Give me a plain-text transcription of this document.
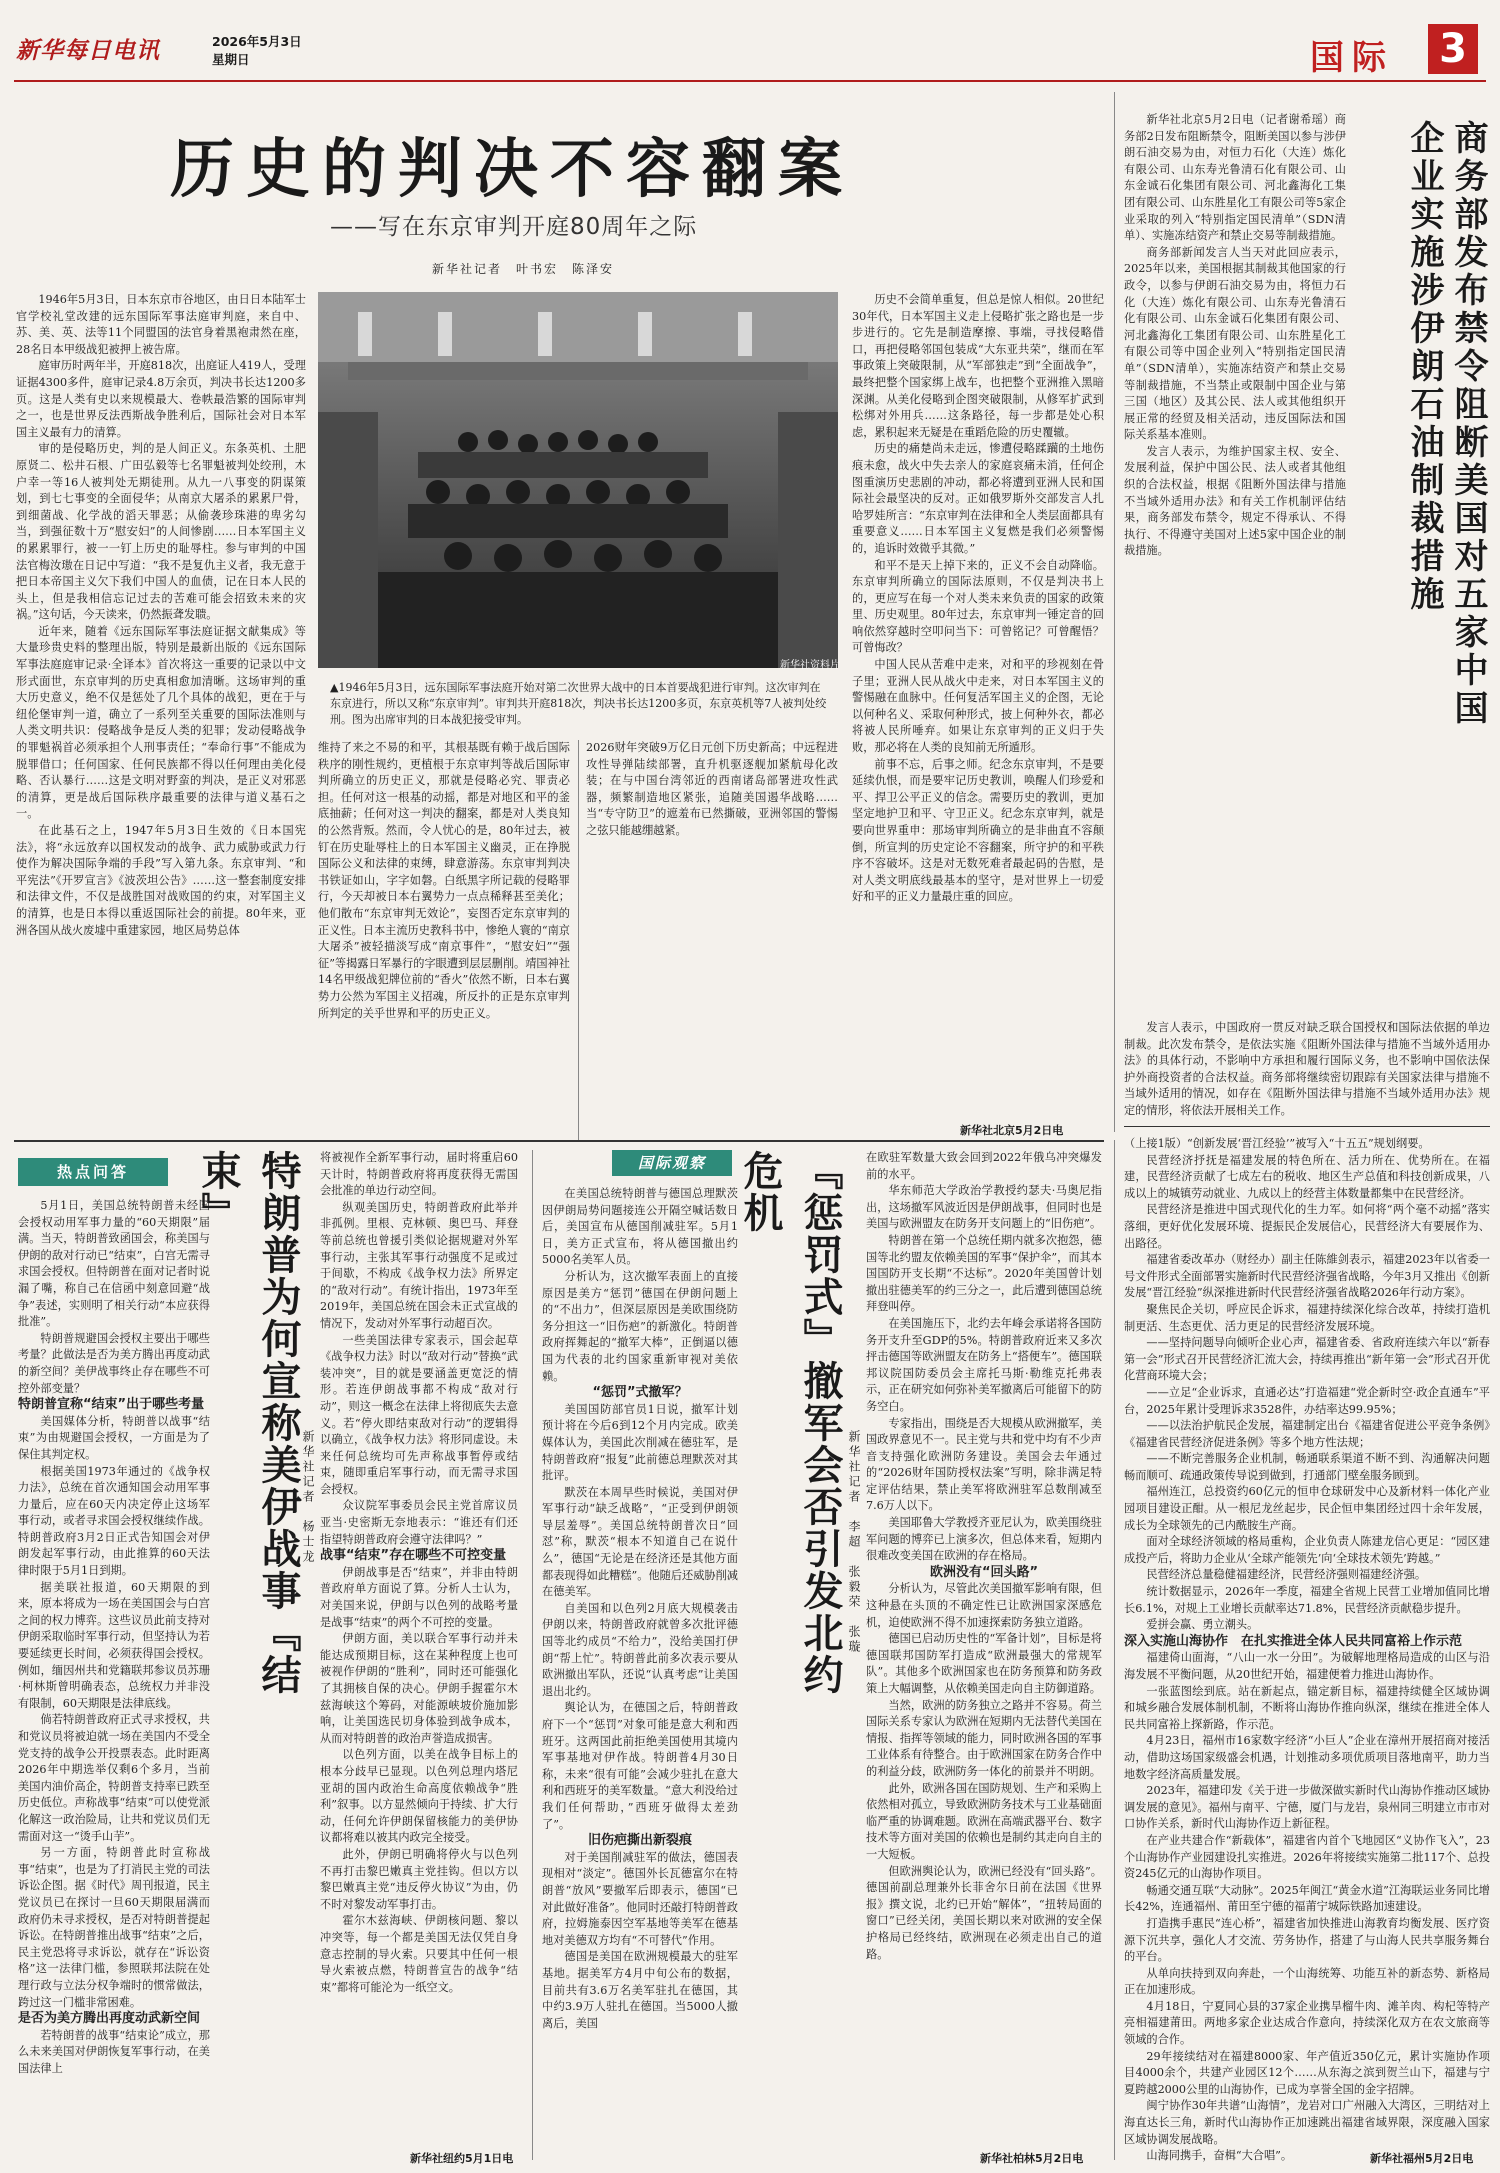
新华每日电讯	2026年5月3日
星期日	国际 3
历史的判决不容翻案
——写在东京审判开庭80周年之际
新华社记者　叶书宏　陈泽安

1946年5月3日，日本东京市谷地区，由日日本陆军士官学校礼堂改建的远东国际军事法庭审判庭，来自中、苏、美、英、法等11个同盟国的法官身着黑袍肃然在座，28名日本甲级战犯被押上被告席。

庭审历时两年半，开庭818次，出庭证人419人，受理证据4300多件，庭审记录4.8万余页，判决书长达1200多页。这是人类有史以来规模最大、卷帙最浩繁的国际审判之一，也是世界反法西斯战争胜利后，国际社会对日本军国主义最有力的清算。

审的是侵略历史，判的是人间正义。东条英机、土肥原贤二、松井石根、广田弘毅等七名罪魁被判处绞刑，木户幸一等16人被判处无期徒刑。从九一八事变的阴谋策划，到七七事变的全面侵华；从南京大屠杀的累累尸骨，到细菌战、化学战的滔天罪恶；从偷袭珍珠港的卑劣勾当，到强征数十万“慰安妇”的人间惨剧……日本军国主义的累累罪行，被一一钉上历史的耻辱柱。参与审判的中国法官梅汝璈在日记中写道：“我不是复仇主义者，我无意于把日本帝国主义欠下我们中国人的血债，记在日本人民的头上，但是我相信忘记过去的苦难可能会招致未来的灾祸。”这句话，今天读来，仍然振聋发聩。

近年来，随着《远东国际军事法庭证据文献集成》等大量珍贵史料的整理出版，特别是最新出版的《远东国际军事法庭庭审记录·全译本》首次将这一重要的记录以中文形式面世，东京审判的历史真相愈加清晰。这场审判的重大历史意义，绝不仅是惩处了几个具体的战犯，更在于与纽伦堡审判一道，确立了一系列至关重要的国际法准则与人类文明共识：侵略战争是反人类的犯罪；发动侵略战争的罪魁祸首必须承担个人刑事责任；“奉命行事”不能成为脱罪借口；任何国家、任何民族都不得以任何理由美化侵略、否认暴行……这是文明对野蛮的判决，是正义对邪恶的清算，更是战后国际秩序最重要的法律与道义基石之一。

在此基石之上，1947年5月3日生效的《日本国宪法》，将“永远放弃以国权发动的战争、武力威胁或武力行使作为解决国际争端的手段”写入第九条。东京审判、“和平宪法”《开罗宣言》《波茨坦公告》……这一整套制度安排和法律文件，不仅是战胜国对战败国的约束，对军国主义的清算，也是日本得以重返国际社会的前提。80年来，亚洲各国从战火废墟中重建家园，地区局势总体

▲1946年5月3日，远东国际军事法庭开始对第二次世界大战中的日本首要战犯进行审判。这次审判在东京进行，所以又称“东京审判”。审判共开庭818次，判决书长达1200多页，东京英机等7人被判处绞刑。图为出席审判的日本战犯接受审判。
新华社资料片

维持了来之不易的和平，其根基既有赖于战后国际秩序的刚性规约，更植根于东京审判等战后国际审判所确立的历史正义，那就是侵略必究、罪责必担。任何对这一根基的动摇，都是对地区和平的釜底抽薪；任何对这一判决的翻案，都是对人类良知的公然背叛。然而，令人忧心的是，80年过去，被钉在历史耻辱柱上的日本军国主义幽灵，正在挣脱国际公义和法律的束缚，肆意游荡。东京审判判决书铁证如山，字字如磐。白纸黑字所记载的侵略罪行，今天却被日本右翼势力一点点稀释甚至美化；他们散布“东京审判无效论”，妄图否定东京审判的正义性。日本主流历史教科书中，惨绝人寰的“南京大屠杀”被轻描淡写成“南京事件”，“慰安妇”“强征”等揭露日军暴行的字眼遭到层层删削。靖国神社14名甲级战犯牌位前的“香火”依然不断，日本右翼势力公然为军国主义招魂，所反扑的正是东京审判所判定的关乎世界和平的历史正义。

2026财年突破9万亿日元创下历史新高；中远程进攻性导弹陆续部署，直升机驱逐舰加紧航母化改装；在与中国台湾邻近的西南诸岛部署进攻性武器，频繁制造地区紧张，追随美国遏华战略……当“专守防卫”的遮羞布已然撕破，亚洲邻国的警惕之弦只能越绷越紧。

历史不会简单重复，但总是惊人相似。20世纪30年代，日本军国主义走上侵略扩张之路也是一步步进行的。它先是制造摩擦、事端，寻找侵略借口，再把侵略邻国包装成“大东亚共荣”，继而在军事政策上突破限制，从“军部独走”到“全面战争”，最终把整个国家绑上战车，也把整个亚洲推入黑暗深渊。从美化侵略到企图突破限制，从修军扩武到松绑对外用兵……这条路径，每一步都是处心积虑，累积起来无疑是在重蹈危险的历史覆辙。

历史的痛楚尚未走远，惨遭侵略蹂躏的土地伤痕未愈，战火中失去亲人的家庭哀痛未消，任何企图重演历史悲剧的冲动，都必将遭到亚洲人民和国际社会最坚决的反对。正如俄罗斯外交部发言人扎哈罗娃所言：“东京审判在法律和全人类层面都具有重要意义……日本军国主义复燃是我们必须警惕的，追诉时效微乎其微。”

和平不是天上掉下来的，正义不会自动降临。东京审判所确立的国际法原则，不仅是判决书上的，更应写在每一个对人类未来负责的国家的政策里、历史观里。80年过去，东京审判一锤定音的回响依然穿越时空叩问当下：可曾铭记？可曾醒悟？可曾悔改？

中国人民从苦难中走来，对和平的珍视刻在骨子里；亚洲人民从战火中走来，对日本军国主义的警惕融在血脉中。任何复活军国主义的企图，无论以何种名义、采取何种形式，披上何种外衣，都必将被人民所唾弃。如果让东京审判的正义归于失败，那必将在人类的良知前无所遁形。

前事不忘，后事之师。纪念东京审判，不是要延续仇恨，而是要牢记历史教训，唤醒人们珍爱和平、捍卫公平正义的信念。需要历史的教训，更加坚定地护卫和平、守卫正义。纪念东京审判，就是要向世界重申：那场审判所确立的是非曲直不容颠倒，所宣判的历史定论不容翻案，所守护的和平秩序不容破坏。这是对无数死难者最起码的告慰，是对人类文明底线最基本的坚守，是对世界上一切爱好和平的正义力量最庄重的回应。

新华社北京5月2日电

新华社北京5月2日电（记者谢希瑶）商务部2日发布阻断禁令，阻断美国以参与涉伊朗石油交易为由，对恒力石化（大连）炼化有限公司、山东寿光鲁清石化有限公司、山东金诚石化集团有限公司、河北鑫海化工集团有限公司、山东胜星化工有限公司等5家企业采取的列入“特别指定国民清单”（SDN清单）、实施冻结资产和禁止交易等制裁措施。

商务部新闻发言人当天对此回应表示，2025年以来，美国根据其制裁其他国家的行政令，以参与伊朗石油交易为由，将恒力石化（大连）炼化有限公司、山东寿光鲁清石化有限公司、山东金诚石化集团有限公司、河北鑫海化工集团有限公司、山东胜星化工有限公司等中国企业列入“特别指定国民清单”（SDN清单），实施冻结资产和禁止交易等制裁措施，不当禁止或限制中国企业与第三国（地区）及其公民、法人或其他组织开展正常的经贸及相关活动，违反国际法和国际关系基本准则。

发言人表示，为维护国家主权、安全、发展利益，保护中国公民、法人或者其他组织的合法权益，根据《阻断外国法律与措施不当域外适用办法》和有关工作机制评估结果，商务部发布禁令，规定不得承认、不得执行、不得遵守美国对上述5家中国企业的制裁措施。	商务部发布禁令阻断美国对五家中国企业实施涉伊朗石油制裁措施

发言人表示，中国政府一贯反对缺乏联合国授权和国际法依据的单边制裁。此次发布禁令，是依法实施《阻断外国法律与措施不当域外适用办法》的具体行动，不影响中方承担和履行国际义务，也不影响中国依法保护外商投资者的合法权益。商务部将继续密切跟踪有关国家法律与措施不当域外适用的情况，如存在《阻断外国法律与措施不当域外适用办法》规定的情形，将依法开展相关工作。

热点问答

5月1日，美国总统特朗普未经国会授权动用军事力量的“60天期限”届满。当天，特朗普致函国会，称美国与伊朗的敌对行动已“结束”，白宫无需寻求国会授权。但特朗普在面对记者时说漏了嘴，称自己在信函中刻意回避“战争”表述，实则明了相关行动“本应获得批准”。

特朗普规避国会授权主要出于哪些考量？此做法是否为美方腾出再度动武的新空间？美伊战事终止存在哪些不可控外部变量？

特朗普宣称“结束”出于哪些考量

美国媒体分析，特朗普以战事“结束”为由规避国会授权，一方面是为了保住其判定权。

根据美国1973年通过的《战争权力法》，总统在首次通知国会动用军事力量后，应在60天内决定停止这场军事行动，或者寻求国会授权继续作战。特朗普政府3月2日正式告知国会对伊朗发起军事行动，由此推算的60天法律时限于5月1日到期。

据美联社报道，60天期限的到来，原本将成为一场在美国国会与白宫之间的权力博弈。这些议员此前支持对伊朗采取临时军事行动，但坚持认为若要延续更长时间，必须获得国会授权。例如，缅因州共和党籍联邦参议员苏珊·柯林斯曾明确表态，总统权力并非没有限制，60天期限是法律底线。

倘若特朗普政府正式寻求授权，共和党议员将被迫就一场在美国内不受全党支持的战争公开投票表态。此时距离2026年中期选举仅剩6个多月，当前美国内油价高企，特朗普支持率已跌至历史低位。声称战事“结束”可以使党派化解这一政治险局，让共和党议员们无需面对这一“烫手山芋”。

另一方面，特朗普此时宣称战事“结束”，也是为了打消民主党的司法诉讼企图。据《时代》周刊报道，民主党议员已在探讨一旦60天期限届满而政府仍未寻求授权，是否对特朗普提起诉讼。在特朗普推出战事“结束”之后，民主党恐将寻求诉讼，就存在“诉讼资格”这一法律门槛，参照联邦法院在处理行政与立法分权争端时的惯常做法，跨过这一门槛非常困难。

是否为美方腾出再度动武新空间

若特朗普的战事“结束论”成立，那么未来美国对伊朗恢复军事行动，在美国法律上

特朗普为何宣称美伊战事『结束』
新华社记者　杨士龙

将被视作全新军事行动，届时将重启60天计时，特朗普政府将再度获得无需国会批准的单边行动空间。

纵观美国历史，特朗普政府此举并非孤例。里根、克林顿、奥巴马、拜登等前总统也曾援引类似论据规避对外军事行动，主张其军事行动强度不足或过于间歇，不构成《战争权力法》所界定的“敌对行动”。有统计指出，1973年至2019年，美国总统在国会未正式宣战的情况下，发动对外军事行动超百次。

一些美国法律专家表示，国会起草《战争权力法》时以“敌对行动”替换“武装冲突”，目的就是要涵盖更宽泛的情形。若连伊朗战事都不构成“敌对行动”，则这一概念在法律上将彻底失去意义。若“停火即结束敌对行动”的逻辑得以确立，《战争权力法》将形同虚设。未来任何总统均可先声称战事暂停或结束，随即重启军事行动，而无需寻求国会授权。

众议院军事委员会民主党首席议员亚当·史密斯无奈地表示：“谁还有们还指望特朗普政府会遵守法律吗？”

战事“结束”存在哪些不可控变量

伊朗战事是否“结束”，并非由特朗普政府单方面说了算。分析人士认为，对美国来说，伊朗与以色列的战略考量是战事“结束”的两个不可控的变量。

伊朗方面，美以联合军事行动并未能达成预期目标，这在某种程度上也可被视作伊朗的“胜利”，同时还可能强化了其拥核自保的决心。伊朗手握霍尔木兹海峡这个筹码，对能源峡坡价施加影响，让美国选民切身体验到战争成本，从而对特朗普的政治声誉造成损害。

以色列方面，以美在战争目标上的根本分歧早已显现。以色列总理内塔尼亚胡的国内政治生命高度依赖战争“胜利”叙事。以方显然倾向于持续、扩大行动，任何允许伊朗保留核能力的美伊协议都将难以被其内政完全接受。

此外，伊朗已明确将停火与以色列不再打击黎巴嫩真主党挂钩。但以方以黎巴嫩真主党“违反停火协议”为由，仍不时对黎发动军事打击。

霍尔木兹海峡、伊朗核问题、黎以冲突等，每一个都是美国无法仅凭自身意志控制的导火索。只要其中任何一根导火索被点燃，特朗普宣告的战争“结束”都将可能沦为一纸空文。

新华社纽约5月1日电
国际观察

在美国总统特朗普与德国总理默茨因伊朗局势问题接连公开隔空喊话数日后，美国宣布从德国削减驻军。5月1日，美方正式宣布，将从德国撤出约5000名美军人员。

分析认为，这次撤军表面上的直接原因是美方“惩罚”德国在伊朗问题上的“不出力”，但深层原因是美欧围绕防务分担这一“旧伤疤”的新激化。特朗普政府挥舞起的“撤军大棒”，正倒逼以德国为代表的北约国家重新审视对美依赖。

“惩罚”式撤军？

美国国防部官员1日说，撤军计划预计将在今后6到12个月内完成。欧美媒体认为，美国此次削减在德驻军，是特朗普政府“报复”此前德总理默茨对其批评。

默茨在本周早些时候说，美国对伊军事行动“缺乏战略”，“正受到伊朗领导层羞辱”。美国总统特朗普次日“回怼”称，默茨“根本不知道自己在说什么”，德国“无论是在经济还是其他方面都表现得如此糟糕”。他随后还威胁削减在德美军。

自美国和以色列2月底大规模袭击伊朗以来，特朗普政府就曾多次批评德国等北约成员“不给力”，没给美国打伊朗“帮上忙”。特朗普此前多次表示要从欧洲撤出军队，还说“认真考虑”让美国退出北约。

舆论认为，在德国之后，特朗普政府下一个“惩罚”对象可能是意大利和西班牙。这两国此前拒绝美国使用其境内军事基地对伊作战。特朗普4月30日称，未来“很有可能”会减少驻扎在意大利和西班牙的美军数量。“意大利没给过我们任何帮助，”西班牙做得太差劲了”。

旧伤疤撕出新裂痕

对于美国削减驻军的做法，德国表现相对“淡定”。德国外长瓦德富尔在特朗普“放风”要撤军后即表示，德国“已对此做好准备”。他同时还敲打特朗普政府，拉姆施泰因空军基地等美军在德基地对美德双方均有“不可替代”作用。

德国是美国在欧洲规模最大的驻军基地。据美军方4月中旬公布的数据，目前共有3.6万名美军驻扎在德国，其中约3.9万人驻扎在德国。当5000人撤离后，美国

『惩罚式』撤军会否引发北约危机
新华社记者　李超　张毅荣　张璇

在欧驻军数量大致会回到2022年俄乌冲突爆发前的水平。

华东师范大学政治学教授约瑟夫·马奥尼指出，这场撤军风波近因是伊朗战事，但同时也是美国与欧洲盟友在防务开支问题上的“旧伤疤”。

特朗普在第一个总统任期内就多次抱怨，德国等北约盟友依赖美国的军事“保护伞”，而其本国国防开支长期“不达标”。2020年美国曾计划撤出驻德美军的约三分之一，此后遭到德国总统拜登叫停。

在美国施压下，北约去年峰会承诺将各国防务开支升至GDP的5%。特朗普政府近来又多次抨击德国等欧洲盟友在防务上“搭便车”。德国联邦议院国防委员会主席托马斯·勒维克托弗表示，正在研究如何弥补美军撤离后可能留下的防务空白。

专家指出，围绕是否大规模从欧洲撤军，美国政界意见不一。民主党与共和党中均有不少声音支持强化欧洲防务建设。美国会去年通过的“2026财年国防授权法案”写明，除非满足特定评估结果，禁止美军将欧洲驻军总数削减至7.6万人以下。

美国耶鲁大学教授齐亚尼认为，欧美围绕驻军问题的博弈已上演多次，但总体来看，短期内很难改变美国在欧洲的存在格局。

欧洲没有“回头路”

分析认为，尽管此次美国撤军影响有限，但这种悬在头顶的不确定性已让欧洲国家深感危机，迫使欧洲不得不加速探索防务独立道路。

德国已启动历史性的“军备计划”，目标是将德国联邦国防军打造成“欧洲最强大的常规军队”。其他多个欧洲国家也在防务预算和防务政策上大幅调整，从依赖美国走向自主防御道路。

当然，欧洲的防务独立之路并不容易。荷兰国际关系专家认为欧洲在短期内无法替代美国在情报、指挥等领域的能力，同时欧洲各国的军事工业体系有待整合。由于欧洲国家在防务合作中的利益分歧，欧洲防务一体化的前景并不明朗。

此外，欧洲各国在国防规划、生产和采购上依然相对孤立，导致欧洲防务技术与工业基础面临严重的协调难题。欧洲在高端武器平台、数字技术等方面对美国的依赖也是制约其走向自主的一大短板。

但欧洲舆论认为，欧洲已经没有“回头路”。德国前副总理兼外长菲舍尔日前在法国《世界报》撰文说，北约已开始“解体”，“扭转局面的窗口”已经关闭，美国长期以来对欧洲的安全保护格局已经终结，欧洲现在必须走出自己的道路。

新华社柏林5月2日电

（上接1版）“创新发展‘晋江经验’”被写入“十五五”规划纲要。

民营经济抒抚是福建发展的特色所在、活力所在、优势所在。在福建，民营经济贡献了七成左右的税收、地区生产总值和科技创新成果，八成以上的城镇劳动就业、九成以上的经营主体数量都集中在民营经济。

民营经济是推进中国式现代化的生力军。如何将“两个毫不动摇”落实落细，更好优化发展环境、提振民企发展信心，民营经济大有要展作为、出路径。

福建省委改革办（财经办）副主任陈維剑表示，福建2023年以省委一号文件形式全面部署实施新时代民营经济强省战略，今年3月又推出《创新发展“晋江经验”纵深推进新时代民营经济强省战略2026年行动方案》。

聚焦民企关切，呼应民企诉求，福建持续深化综合改革，持续打造机制更活、生态更优、活力更足的民营经济发展环境。

——坚持问题导向倾听企业心声，福建省委、省政府连续六年以“新春第一会”形式召开民营经济汇流大会，持续再推出“新年第一会”形式召开优化营商环境大会；

——立足“企业诉求，直通必达”打造福建“党企新时空·政企直通车”平台，2025年累计受理诉求3528件，办结率达99.95%；

——以法治护航民企发展，福建制定出台《福建省促进公平竞争条例》《福建省民营经济促进条例》等多个地方性法规；

——不断完善服务企业机制，畅通联系渠道不断不到、沟通解决问题畅而顺可、疏通政策传导说到做到，打通部门壁垒服务顾到。

福州连江，总投资约60亿元的恒申仓球研发中心及新材料一体化产业园项目建设正酣。从一根尼龙丝起步，民企恒申集团经过四十余年发展，成长为全球领先的己内酰胺生产商。

面对全球经济领域的格局重构，企业负责人陈建龙信心更足：“园区建成投产后，将助力企业从‘全球产能领先’向‘全球技术领先’跨越。”

民营经济总量稳健福建经济，民营经济强则福建经济强。

统计数据显示，2026年一季度，福建全省规上民营工业增加值同比增长6.1%，对规上工业增长贡献率达71.8%，民营经济贡献稳步提升。

爱拼会赢、勇立潮头。

深入实施山海协作　在扎实推进全体人民共同富裕上作示范

福建倚山面海，“八山一水一分田”。为破解地理格局造成的山区与沿海发展不平衡问题，从20世纪开始，福建便着力推进山海协作。

一张蓝图绘到底。站在新起点，锚定新目标，福建持续健全区域协调和城乡融合发展体制机制，不断将山海协作推向纵深，继续在推进全体人民共同富裕上探新路，作示范。

4月23日，福州市16家数字经济“小巨人”企业在漳州开展招商对接活动，借助这场国家级盛会机遇，计划推动多项优质项目落地南平，助力当地数字经济高质量发展。

2023年，福建印发《关于进一步做深做实新时代山海协作推动区域协调发展的意见》。福州与南平、宁德，厦门与龙岩，泉州同三明建立市市对口协作关系，新时代山海协作迈上新征程。

在产业共建合作“新载体”，福建省内首个飞地园区“义协作飞入”，23个山海协作产业园建设扎实推进。2026年将接续实施第二批117个、总投资245亿元的山海协作项目。

畅通交通互联“大动脉”。2025年闽江“黄金水道”江海联运业务同比增长42%，连通福州、莆田至宁德的福莆宁城际铁路加速建设。

打造携手惠民“连心桥”，福建省加快推进山海教育均衡发展、医疗资源下沉共享，强化人才交流、劳务协作，搭建了与山海人民共享服务舞台的平台。

从单向扶持到双向奔赴，一个山海统筹、功能互补的新态势、新格局正在加速形成。

4月18日，宁夏同心县的37家企业携旱榴牛肉、滩羊肉、构杞等特产亮相福建莆田。两地多家企业达成合作意向，持续深化双方在农文旅商等领域的合作。

29年接续结对在福建8000家、年产值近350亿元，累计实施协作项目4000余个，共建产业园区12个……从东海之滨到贺兰山下，福建与宁夏跨越2000公里的山海协作，已成为享誉全国的金字招牌。

闽宁协作30年共谱“山海情”，龙岩对口广州融入大湾区，三明结对上海直达长三角，新时代山海协作正加速跳出福建省域界限，深度融入国家区域协调发展战略。

山海同携手，奋楫“大合唱”。	新华社福州5月2日电
